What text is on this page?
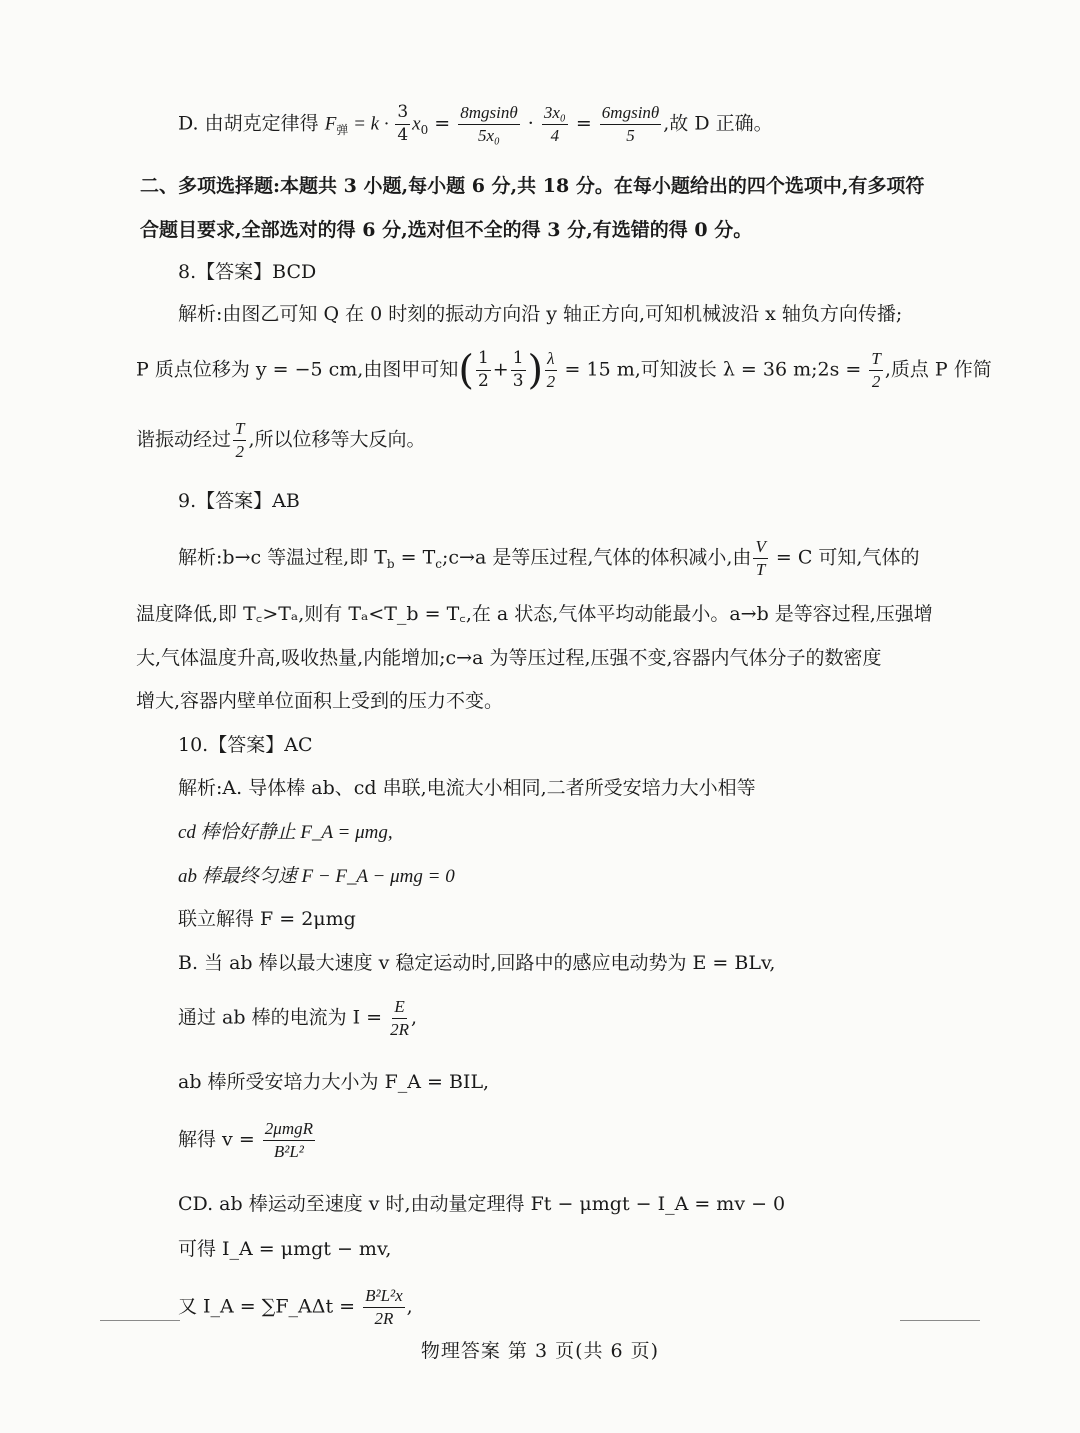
D. 由胡克定律得 $F_弹 = k \cdot \frac{3}{4} x_0 = \frac{8mgsin\theta}{\text{5x₀}} \cdot \frac{\text{3x₀}}{4} = \frac{6mgsin\theta}{5}$ ,故 D 正确。
二、多项选择题:本题共 3 小题,每小题 6 分,共 18 分。在每小题给出的四个选项中,有多项符
合题目要求,全部选对的得 6 分,选对但不全的得 3 分,有选错的得 0 分。
8.【答案】BCD
解析:由图乙可知 Q 在 0 时刻的振动方向沿 y 轴正方向,可知机械波沿 x 轴负方向传播;
P 质点位移为 y = −5 cm,由图甲可知( $\frac{1}{2} + \frac{1}{3}$ ) $\frac{\lambda}{2} = 15$ m,可知波长 λ = 36 m;2s = $\frac{T}{2}$ ,质点 P 作简
谐振动经过 $\frac{T}{2}$ ,所以位移等大反向。
9.【答案】AB
解析:b→c 等温过程,即 $T_b$ = $T_c;c\to a$ 是等压过程,气体的体积减小,由 $\frac{V}{T} = C$ 可知,气体的
温度降低,即 T꜀>Tₐ,则有 Tₐ<T_b = T꜀,在 a 状态,气体平均动能最小。a→b 是等容过程,压强增
大,气体温度升高,吸收热量,内能增加;c→a 为等压过程,压强不变,容器内气体分子的数密度
增大,容器内壁单位面积上受到的压力不变。
10.【答案】AC
解析:A. 导体棒 ab、cd 串联,电流大小相同,二者所受安培力大小相等
cd 棒恰好静止 F_A = μmg,
ab 棒最终匀速 F − F_A − μmg = 0
联立解得 F = 2μmg
B. 当 ab 棒以最大速度 v 稳定运动时,回路中的感应电动势为 E = BLv,
通过 ab 棒的电流为 $I = \frac{E}{2R}$ ,
ab 棒所受安培力大小为 F_A = BIL,
解得 $v = \frac{\text{2μmgR}}{\text{B²L²}}$
CD. ab 棒运动至速度 v 时,由动量定理得 Ft − μmgt − I_A = mv − 0
可得 I_A = μmgt − mv,
又 I_A = ∑F_AΔt = $\frac{\text{B²L²x}}{2R}$ ,
物理答案 第 3 页(共 6 页)
